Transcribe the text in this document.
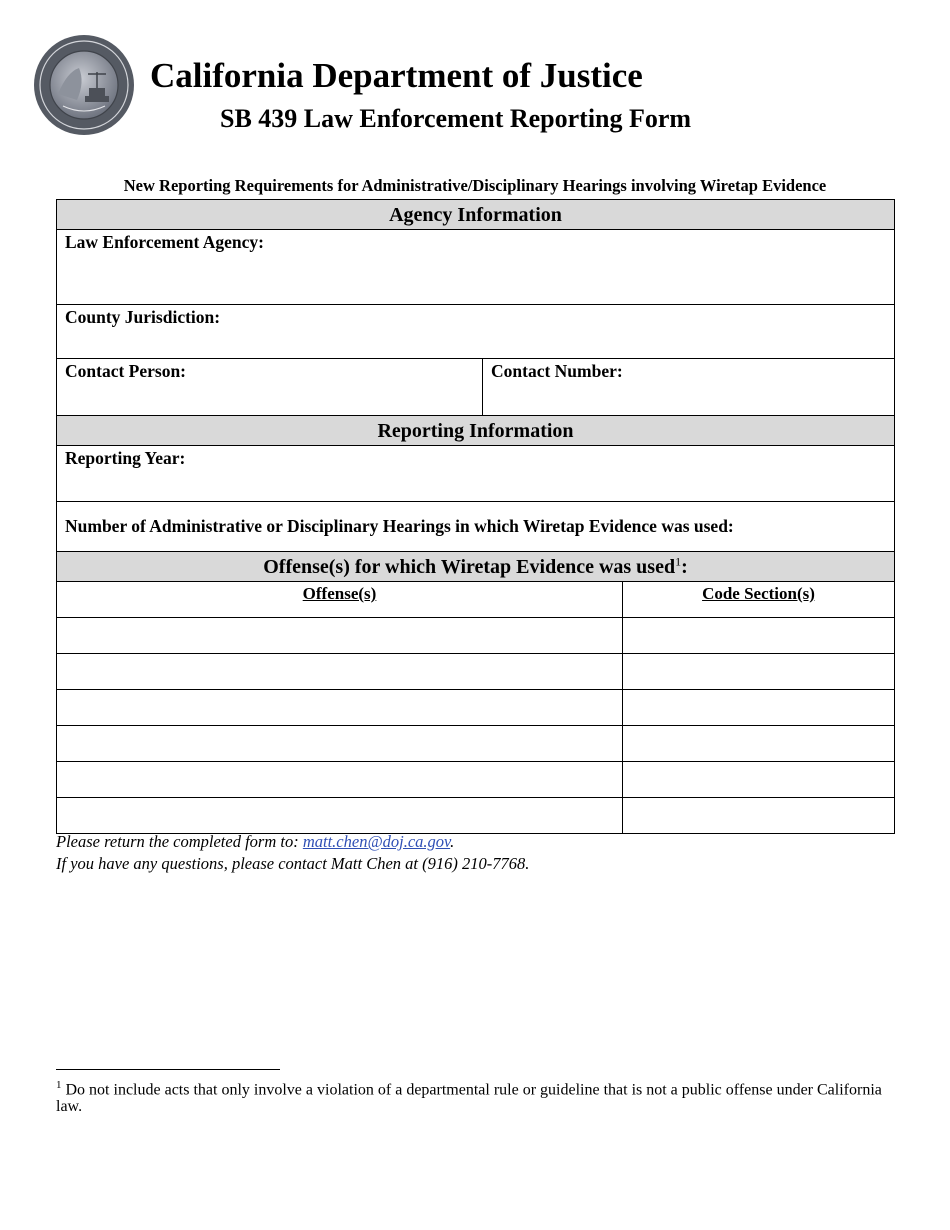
California Department of Justice
SB 439 Law Enforcement Reporting Form
New Reporting Requirements for Administrative/Disciplinary Hearings involving Wiretap Evidence
Agency Information		
Law Enforcement Agency:		
County Jurisdiction:		
Contact Person:	Contact Number:	
Reporting Information		
Reporting Year:		
Number of Administrative or Disciplinary Hearings in which Wiretap Evidence was used:		
Offense(s) for which Wiretap Evidence was used$^1$:		
Offense(s)		Code Section(s)

Please return the completed form to: matt.chen@doj.ca.gov.
If you have any questions, please contact Matt Chen at (916) 210-7768.
$^1$ Do not include acts that only involve a violation of a departmental rule or guideline that is not a public offense under California law.
